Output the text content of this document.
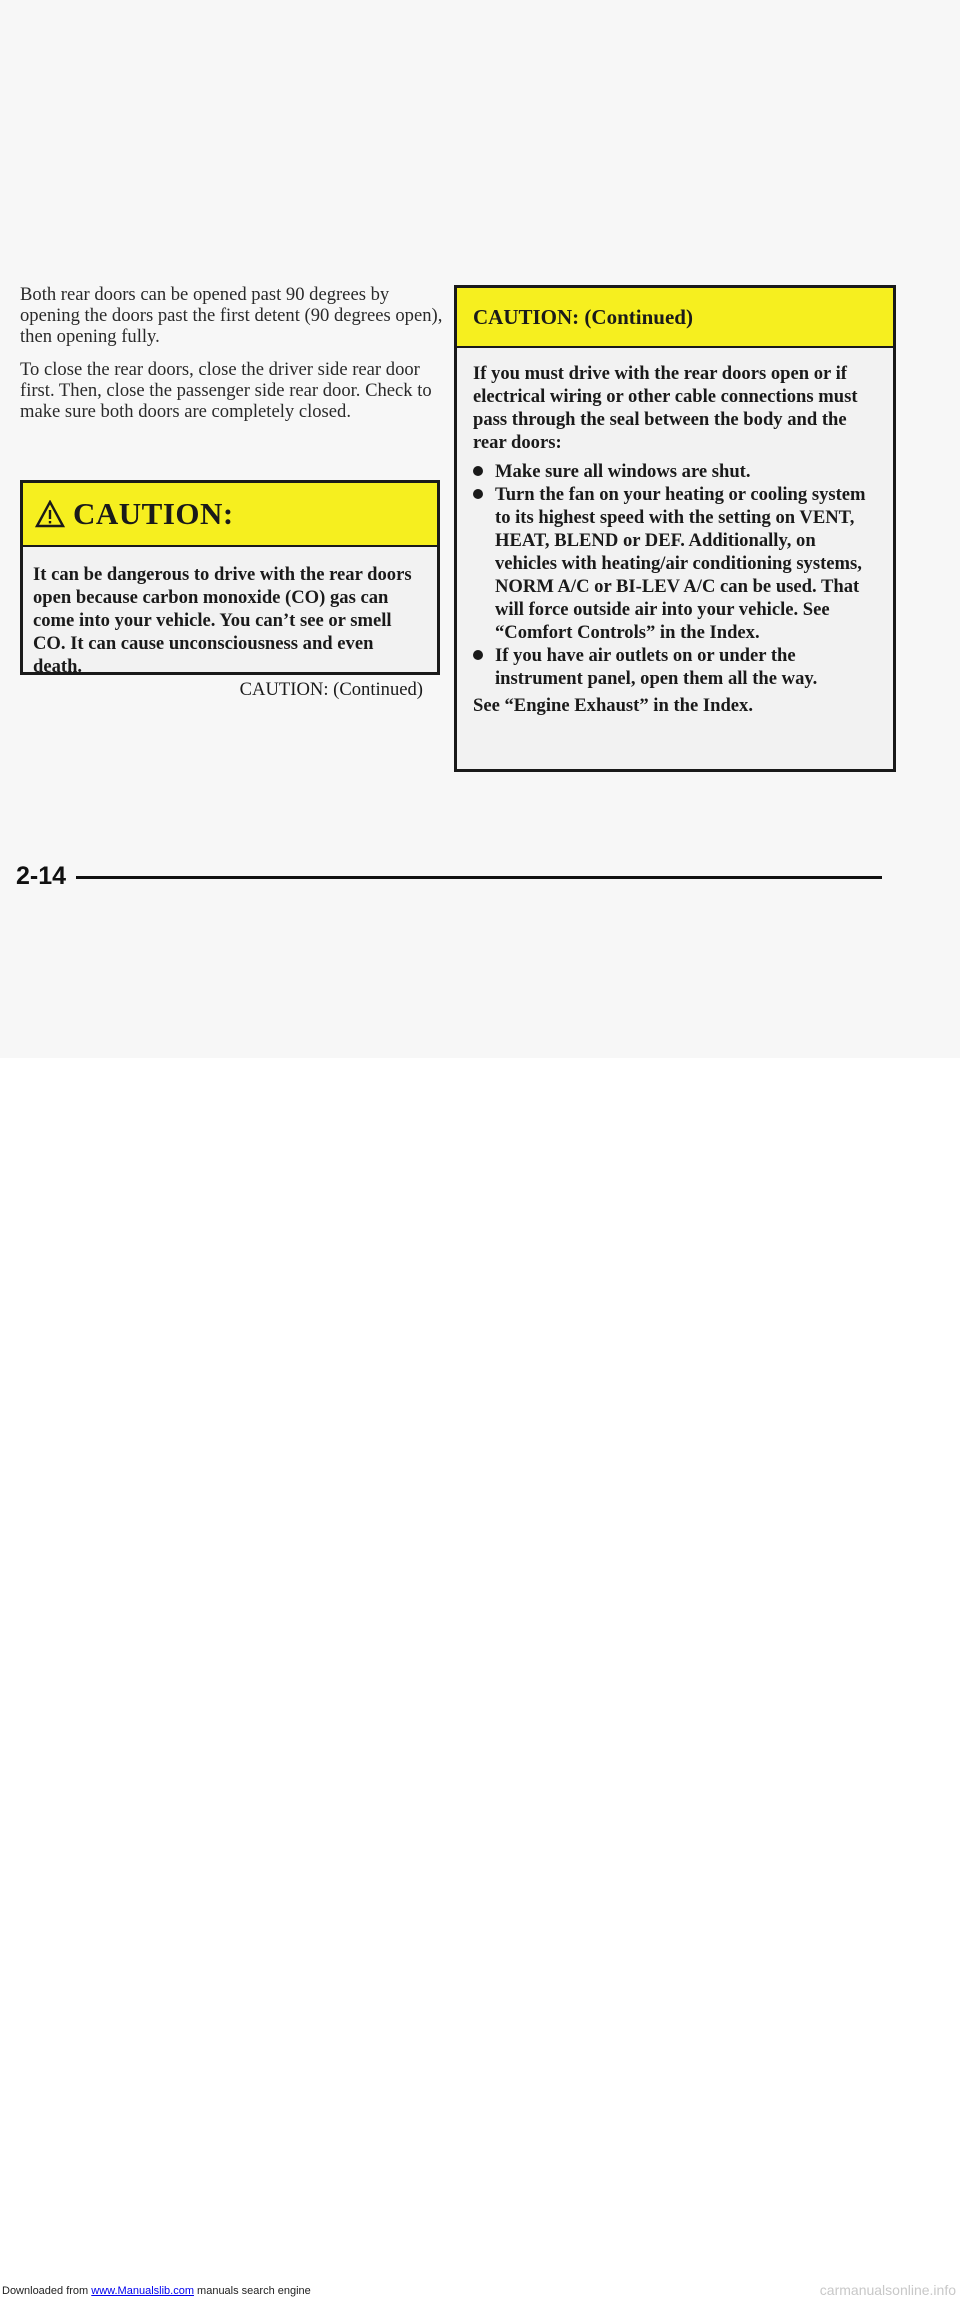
Both rear doors can be opened past 90 degrees by opening the doors past the first detent (90 degrees open), then opening fully.

To close the rear doors, close the driver side rear door first. Then, close the passenger side rear door. Check to make sure both doors are completely closed.

CAUTION:
It can be dangerous to drive with the rear doors open because carbon monoxide (CO) gas can come into your vehicle. You can’t see or smell CO. It can cause unconsciousness and even death.
CAUTION: (Continued)
CAUTION: (Continued)

If you must drive with the rear doors open or if electrical wiring or other cable connections must pass through the seal between the body and the rear doors:

Make sure all windows are shut.
Turn the fan on your heating or cooling system to its highest speed with the setting on VENT, HEAT, BLEND or DEF. Additionally, on vehicles with heating/air conditioning systems, NORM A/C or BI-LEV A/C can be used. That will force outside air into your vehicle. See “Comfort Controls” in the Index.
If you have air outlets on or under the instrument panel, open them all the way.
See “Engine Exhaust” in the Index.
2-14
Downloaded from www.Manualslib.com manuals search engine	carmanualsonline.info
